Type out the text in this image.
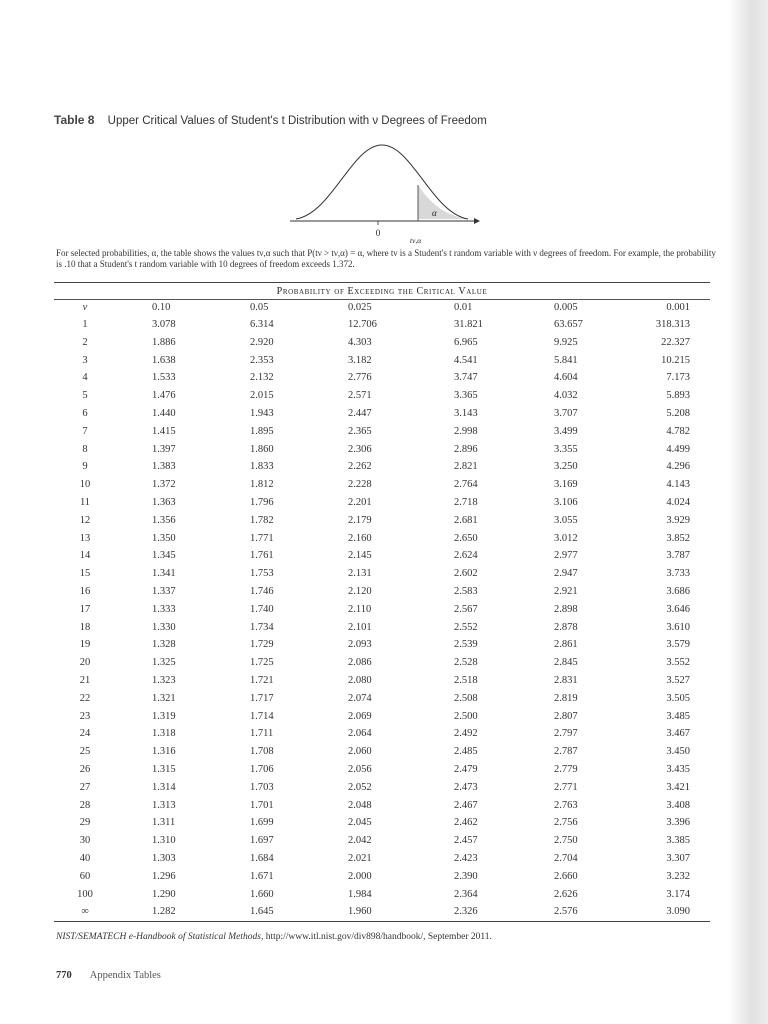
Table 8 Upper Critical Values of Student's t Distribution with ν Degrees of Freedom
0
α
tν,α
For selected probabilities, α, the table shows the values tν,α such that P(tν > tν,α) = α, where tν is a Student's t random variable with ν degrees of freedom. For example, the probability is .10 that a Student's t random variable with 10 degrees of freedom exceeds 1.372.
Probability of Exceeding the Critical Value
ν	0.10	0.05	0.025	0.01	0.005	0.001
1	3.078	6.314	12.706	31.821	63.657	318.313
2	1.886	2.920	4.303	6.965	9.925	22.327
3	1.638	2.353	3.182	4.541	5.841	10.215
4	1.533	2.132	2.776	3.747	4.604	7.173
5	1.476	2.015	2.571	3.365	4.032	5.893
6	1.440	1.943	2.447	3.143	3.707	5.208
7	1.415	1.895	2.365	2.998	3.499	4.782
8	1.397	1.860	2.306	2.896	3.355	4.499
9	1.383	1.833	2.262	2.821	3.250	4.296
10	1.372	1.812	2.228	2.764	3.169	4.143
11	1.363	1.796	2.201	2.718	3.106	4.024
12	1.356	1.782	2.179	2.681	3.055	3.929
13	1.350	1.771	2.160	2.650	3.012	3.852
14	1.345	1.761	2.145	2.624	2.977	3.787
15	1.341	1.753	2.131	2.602	2.947	3.733
16	1.337	1.746	2.120	2.583	2.921	3.686
17	1.333	1.740	2.110	2.567	2.898	3.646
18	1.330	1.734	2.101	2.552	2.878	3.610
19	1.328	1.729	2.093	2.539	2.861	3.579
20	1.325	1.725	2.086	2.528	2.845	3.552
21	1.323	1.721	2.080	2.518	2.831	3.527
22	1.321	1.717	2.074	2.508	2.819	3.505
23	1.319	1.714	2.069	2.500	2.807	3.485
24	1.318	1.711	2.064	2.492	2.797	3.467
25	1.316	1.708	2.060	2.485	2.787	3.450
26	1.315	1.706	2.056	2.479	2.779	3.435
27	1.314	1.703	2.052	2.473	2.771	3.421
28	1.313	1.701	2.048	2.467	2.763	3.408
29	1.311	1.699	2.045	2.462	2.756	3.396
30	1.310	1.697	2.042	2.457	2.750	3.385
40	1.303	1.684	2.021	2.423	2.704	3.307
60	1.296	1.671	2.000	2.390	2.660	3.232
100	1.290	1.660	1.984	2.364	2.626	3.174
∞	1.282	1.645	1.960	2.326	2.576	3.090
NIST/SEMATECH e-Handbook of Statistical Methods, http://www.itl.nist.gov/div898/handbook/, September 2011.
770 Appendix Tables
